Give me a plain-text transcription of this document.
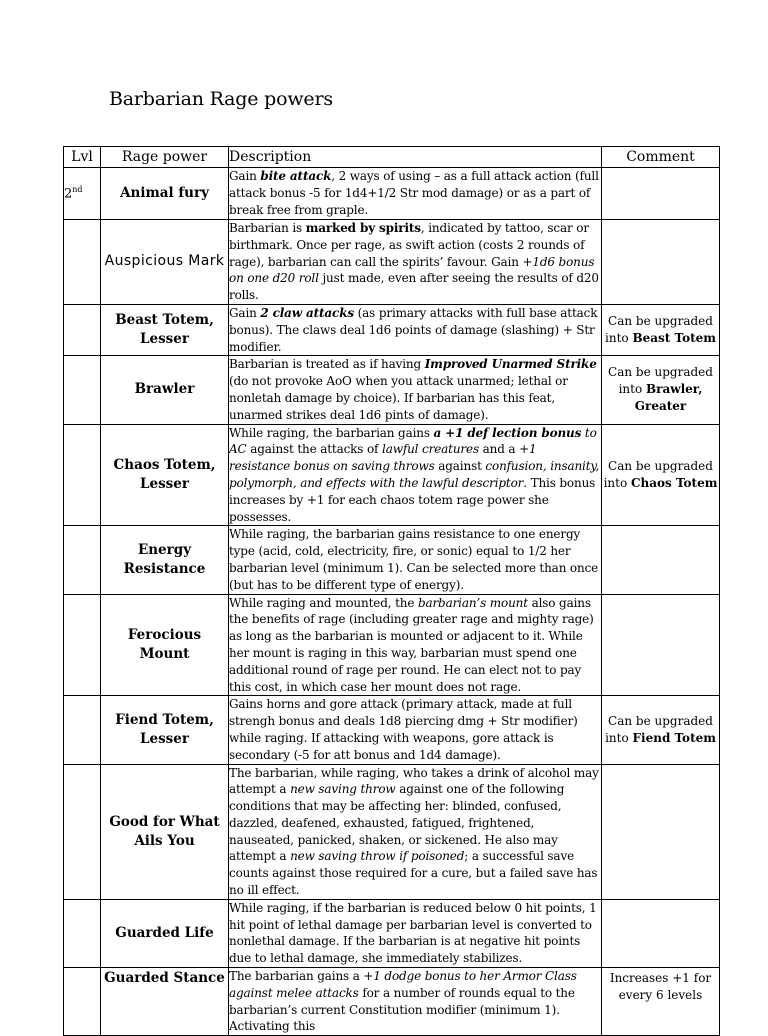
Barbarian Rage powers
Lvl	Rage power	Description	Comment
2nd	Animal fury	Gain bite attack, 2 ways of using – as a full attack action (full attack bonus -5 for 1d4+1/2 Str mod damage) or as a part of break free from graple.	
	Auspicious Mark	Barbarian is marked by spirits, indicated by tattoo, scar or birthmark. Once per rage, as swift action (costs 2 rounds of rage), barbarian can call the spirits’ favour. Gain +1d6 bonus on one d20 roll just made, even after seeing the results of d20 rolls.	
	Beast Totem, Lesser	Gain 2 claw attacks (as primary attacks with full base attack bonus). The claws deal 1d6 points of damage (slashing) + Str modifier.	Can be upgraded into Beast Totem
	Brawler	Barbarian is treated as if having Improved Unarmed Strike (do not provoke AoO when you attack unarmed; lethal or nonletah damage by choice). If barbarian has this feat, unarmed strikes deal 1d6 pints of damage).	Can be upgraded into Brawler, Greater
	Chaos Totem, Lesser	While raging, the barbarian gains a +1 def lection bonus to AC against the attacks of lawful creatures and a +1 resistance bonus on saving throws against confusion, insanity, polymorph, and effects with the lawful descriptor. This bonus increases by +1 for each chaos totem rage power she possesses.	Can be upgraded into Chaos Totem
	Energy Resistance	While raging, the barbarian gains resistance to one energy type (acid, cold, electricity, fire, or sonic) equal to 1/2 her barbarian level (minimum 1). Can be selected more than once (but has to be different type of energy).	
	Ferocious Mount	While raging and mounted, the barbarian’s mount also gains the benefits of rage (including greater rage and mighty rage) as long as the barbarian is mounted or adjacent to it. While her mount is raging in this way, barbarian must spend one additional round of rage per round. He can elect not to pay this cost, in which case her mount does not rage.	
	Fiend Totem, Lesser	Gains horns and gore attack (primary attack, made at full strengh bonus and deals 1d8 piercing dmg + Str modifier) while raging. If attacking with weapons, gore attack is secondary (-5 for att bonus and 1d4 damage).	Can be upgraded into Fiend Totem
	Good for What Ails You	The barbarian, while raging, who takes a drink of alcohol may attempt a new saving throw against one of the following conditions that may be affecting her: blinded, confused, dazzled, deafened, exhausted, fatigued, frightened, nauseated, panicked, shaken, or sickened. He also may attempt a new saving throw if poisoned; a successful save counts against those required for a cure, but a failed save has no ill effect.	
	Guarded Life	While raging, if the barbarian is reduced below 0 hit points, 1 hit point of lethal damage per barbarian level is converted to nonlethal damage. If the barbarian is at negative hit points due to lethal damage, she immediately stabilizes.	
	Guarded Stance	The barbarian gains a +1 dodge bonus to her Armor Class against melee attacks for a number of rounds equal to the barbarian’s current Constitution modifier (minimum 1). Activating this	Increases +1 for every 6 levels
